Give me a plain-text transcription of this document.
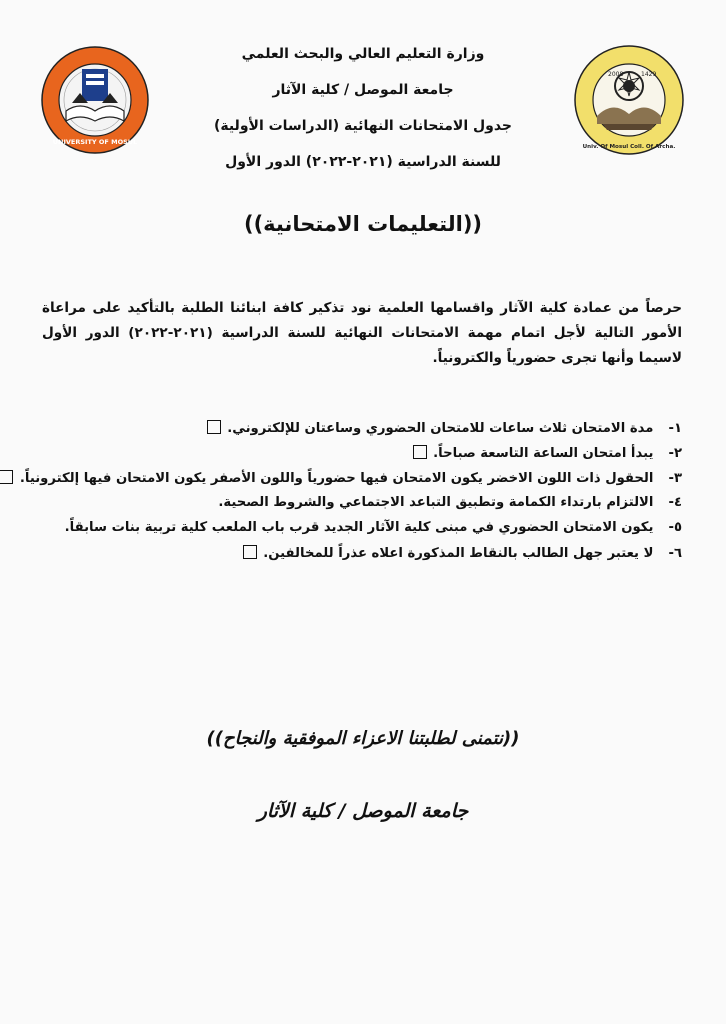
UNIVERSITY OF MOSUL
2008	1429
Univ. Of Mosul Coll. Of Archa.
وزارة التعليم العالي والبحث العلمي
جامعة الموصل / كلية الآثار
جدول الامتحانات النهائية (الدراسات الأولية)
للسنة الدراسية (٢٠٢١-٢٠٢٢) الدور الأول
((التعليمات الامتحانية))
حرصاً من عمادة كلية الآثار واقسامها العلمية نود تذكير كافة ابنائنا الطلبة بالتأكيد على مراعاة الأمور التالية لأجل اتمام مهمة الامتحانات النهائية للسنة الدراسية (٢٠٢١-٢٠٢٢) الدور الأول لاسيما وأنها تجرى حضورياً والكترونياً.
١- مدة الامتحان ثلاث ساعات للامتحان الحضوري وساعتان للإلكتروني.
٢- يبدأ امتحان الساعة التاسعة صباحاً.
٣- الحقول ذات اللون الاخضر يكون الامتحان فيها حضورياً واللون الأصفر يكون الامتحان فيها إلكترونياً.
٤- الالتزام بارتداء الكمامة وتطبيق التباعد الاجتماعي والشروط الصحية.
٥- يكون الامتحان الحضوري في مبنى كلية الآثار الجديد قرب باب الملعب كلية تربية بنات سابقاً.
٦- لا يعتبر جهل الطالب بالنقاط المذكورة اعلاه عذراً للمخالفين.
((نتمنى لطلبتنا الاعزاء الموفقية والنجاح))
جامعة الموصل / كلية الآثار
